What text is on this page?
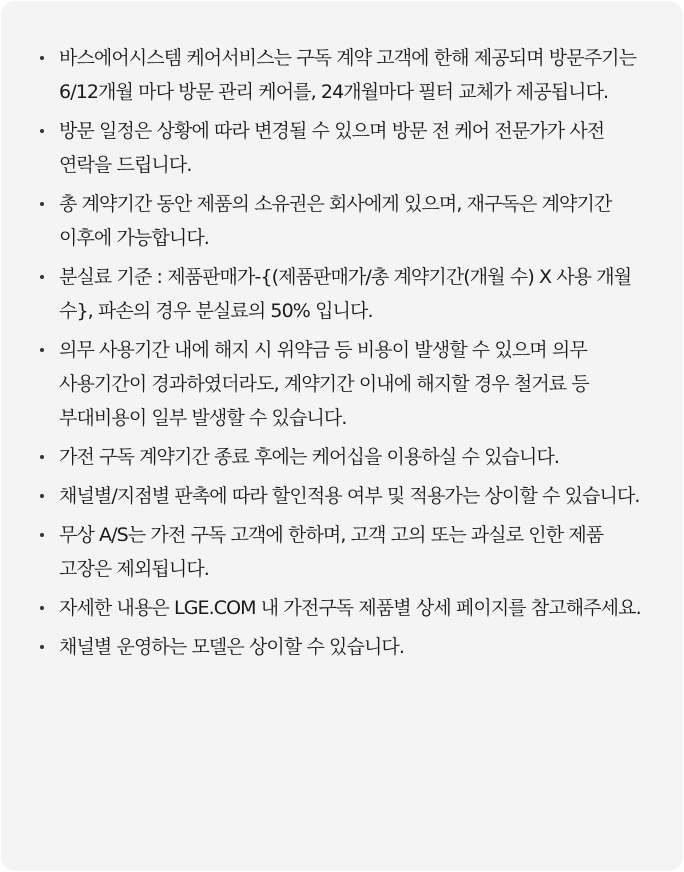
바스에어시스템 케어서비스는 구독 계약 고객에 한해 제공되며 방문주기는 6/12개월 마다 방문 관리 케어를, 24개월마다 필터 교체가 제공됩니다.
방문 일정은 상황에 따라 변경될 수 있으며 방문 전 케어 전문가가 사전 연락을 드립니다.
총 계약기간 동안 제품의 소유권은 회사에게 있으며, 재구독은 계약기간 이후에 가능합니다.
분실료 기준 : 제품판매가-{(제품판매가/총 계약기간(개월 수) X 사용 개월 수}, 파손의 경우 분실료의 50% 입니다.
의무 사용기간 내에 해지 시 위약금 등 비용이 발생할 수 있으며 의무 사용기간이 경과하였더라도, 계약기간 이내에 해지할 경우 철거료 등 부대비용이 일부 발생할 수 있습니다.
가전 구독 계약기간 종료 후에는 케어십을 이용하실 수 있습니다.
채널별/지점별 판촉에 따라 할인적용 여부 및 적용가는 상이할 수 있습니다.
무상 A/S는 가전 구독 고객에 한하며, 고객 고의 또는 과실로 인한 제품 고장은 제외됩니다.
자세한 내용은 LGE.COM 내 가전구독 제품별 상세 페이지를 참고해주세요.
채널별 운영하는 모델은 상이할 수 있습니다.
